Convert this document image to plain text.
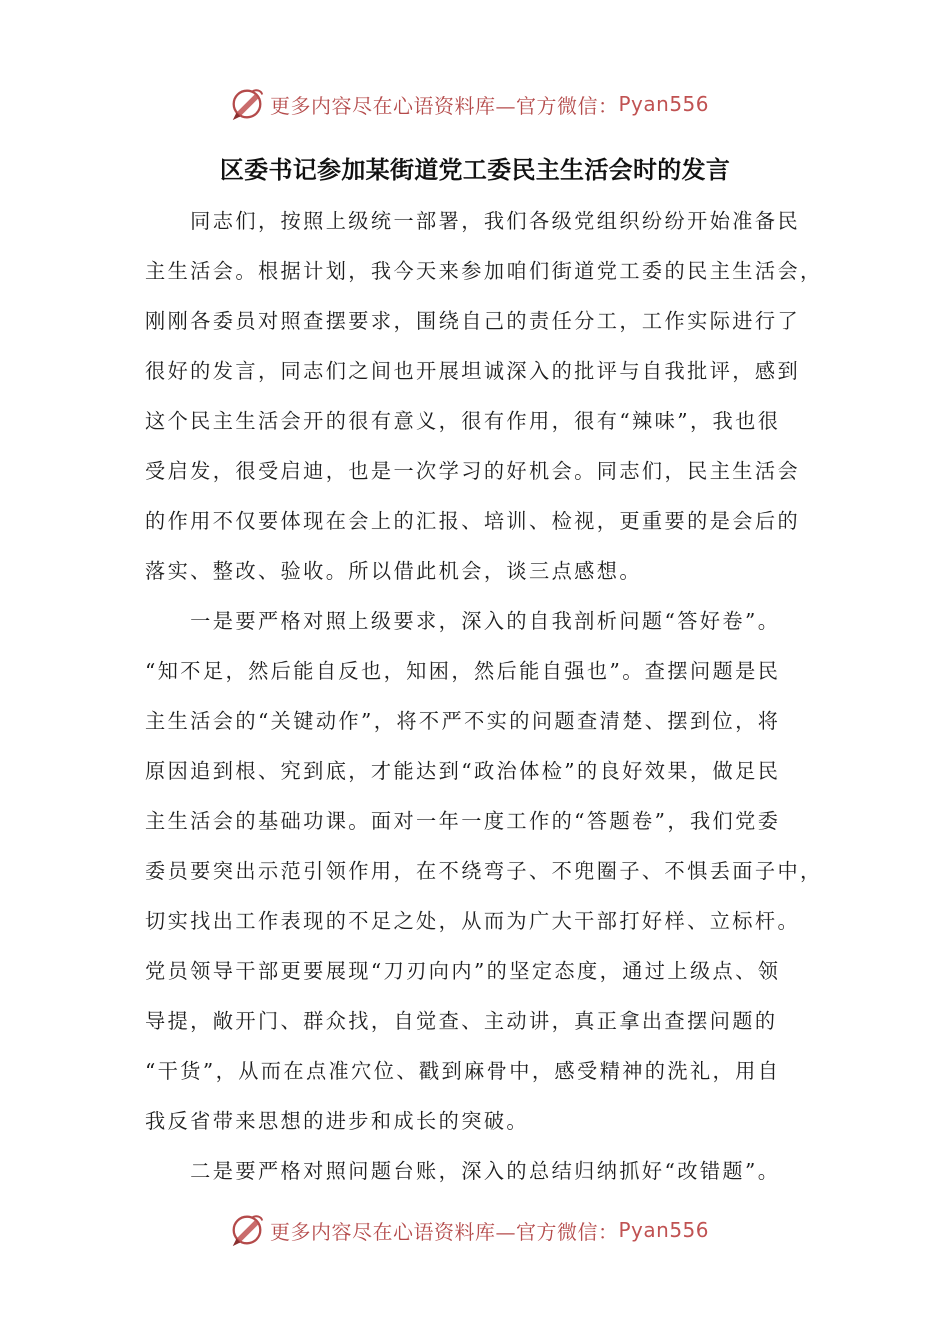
更多内容尽在心语资料库—官方微信： Pyan556
区委书记参加某街道党工委民主生活会时的发言
　　同志们，按照上级统一部署，我们各级党组织纷纷开始准备民
主生活会。根据计划，我今天来参加咱们街道党工委的民主生活会，
刚刚各委员对照查摆要求，围绕自己的责任分工，工作实际进行了
很好的发言，同志们之间也开展坦诚深入的批评与自我批评，感到
这个民主生活会开的很有意义，很有作用，很有“辣味”，我也很
受启发，很受启迪，也是一次学习的好机会。同志们，民主生活会
的作用不仅要体现在会上的汇报、培训、检视，更重要的是会后的
落实、整改、验收。所以借此机会，谈三点感想。
　　一是要严格对照上级要求，深入的自我剖析问题“答好卷”。
“知不足，然后能自反也，知困，然后能自强也”。查摆问题是民
主生活会的“关键动作”，将不严不实的问题查清楚、摆到位，将
原因追到根、究到底，才能达到“政治体检”的良好效果，做足民
主生活会的基础功课。面对一年一度工作的“答题卷”，我们党委
委员要突出示范引领作用，在不绕弯子、不兜圈子、不惧丢面子中，
切实找出工作表现的不足之处，从而为广大干部打好样、立标杆。
党员领导干部更要展现“刀刃向内”的坚定态度，通过上级点、领
导提，敞开门、群众找，自觉查、主动讲，真正拿出查摆问题的
“干货”，从而在点准穴位、戳到麻骨中，感受精神的洗礼，用自
我反省带来思想的进步和成长的突破。
　　二是要严格对照问题台账，深入的总结归纳抓好“改错题”。
更多内容尽在心语资料库—官方微信： Pyan556
